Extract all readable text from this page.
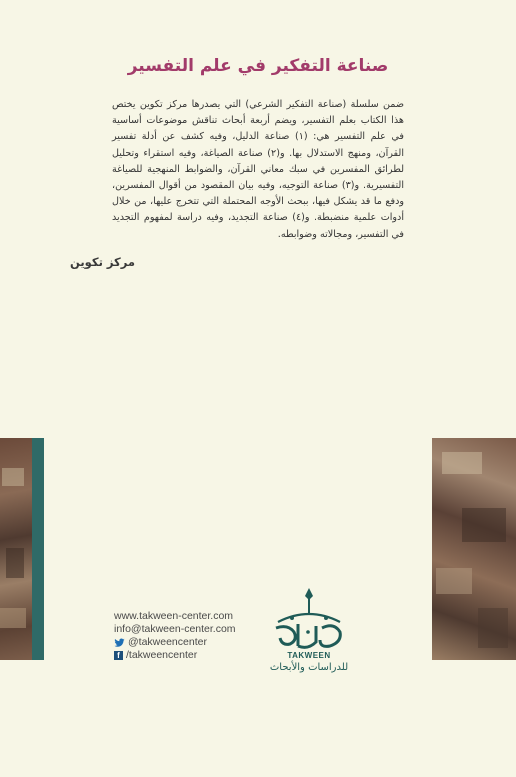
صناعة التفكير في علم التفسير

ضمن سلسلة (صناعة التفكير الشرعي) التي يصدرها مركز تكوين يختص هذا الكتاب بعلم التفسير، ويضم أربعة أبحاث تناقش موضوعات أساسية في علم التفسير هي: (١) صناعة الدليل، وفيه كشف عن أدلة تفسير القرآن، ومنهج الاستدلال بها. و(٢) صناعة الصياغة، وفيه استقراء وتحليل لطرائق المفسرين في سبك معاني القرآن، والضوابط المنهجية للصياغة التفسيرية. و(٣) صناعة التوجيه، وفيه بيان المقصود من أقوال المفسرين، ودفع ما قد يشكل فيها، ببحث الأوجه المحتملة التي تتخرج عليها، من خلال أدوات علمية منضبطة. و(٤) صناعة التجديد، وفيه دراسة لمفهوم التجديد في التفسير، ومجالاته وضوابطه.

مركز تكوين
www.takween-center.com
info@takween-center.com
@takweencenter
f /takweencenter	TAKWEEN
للدراسات والأبحاث
